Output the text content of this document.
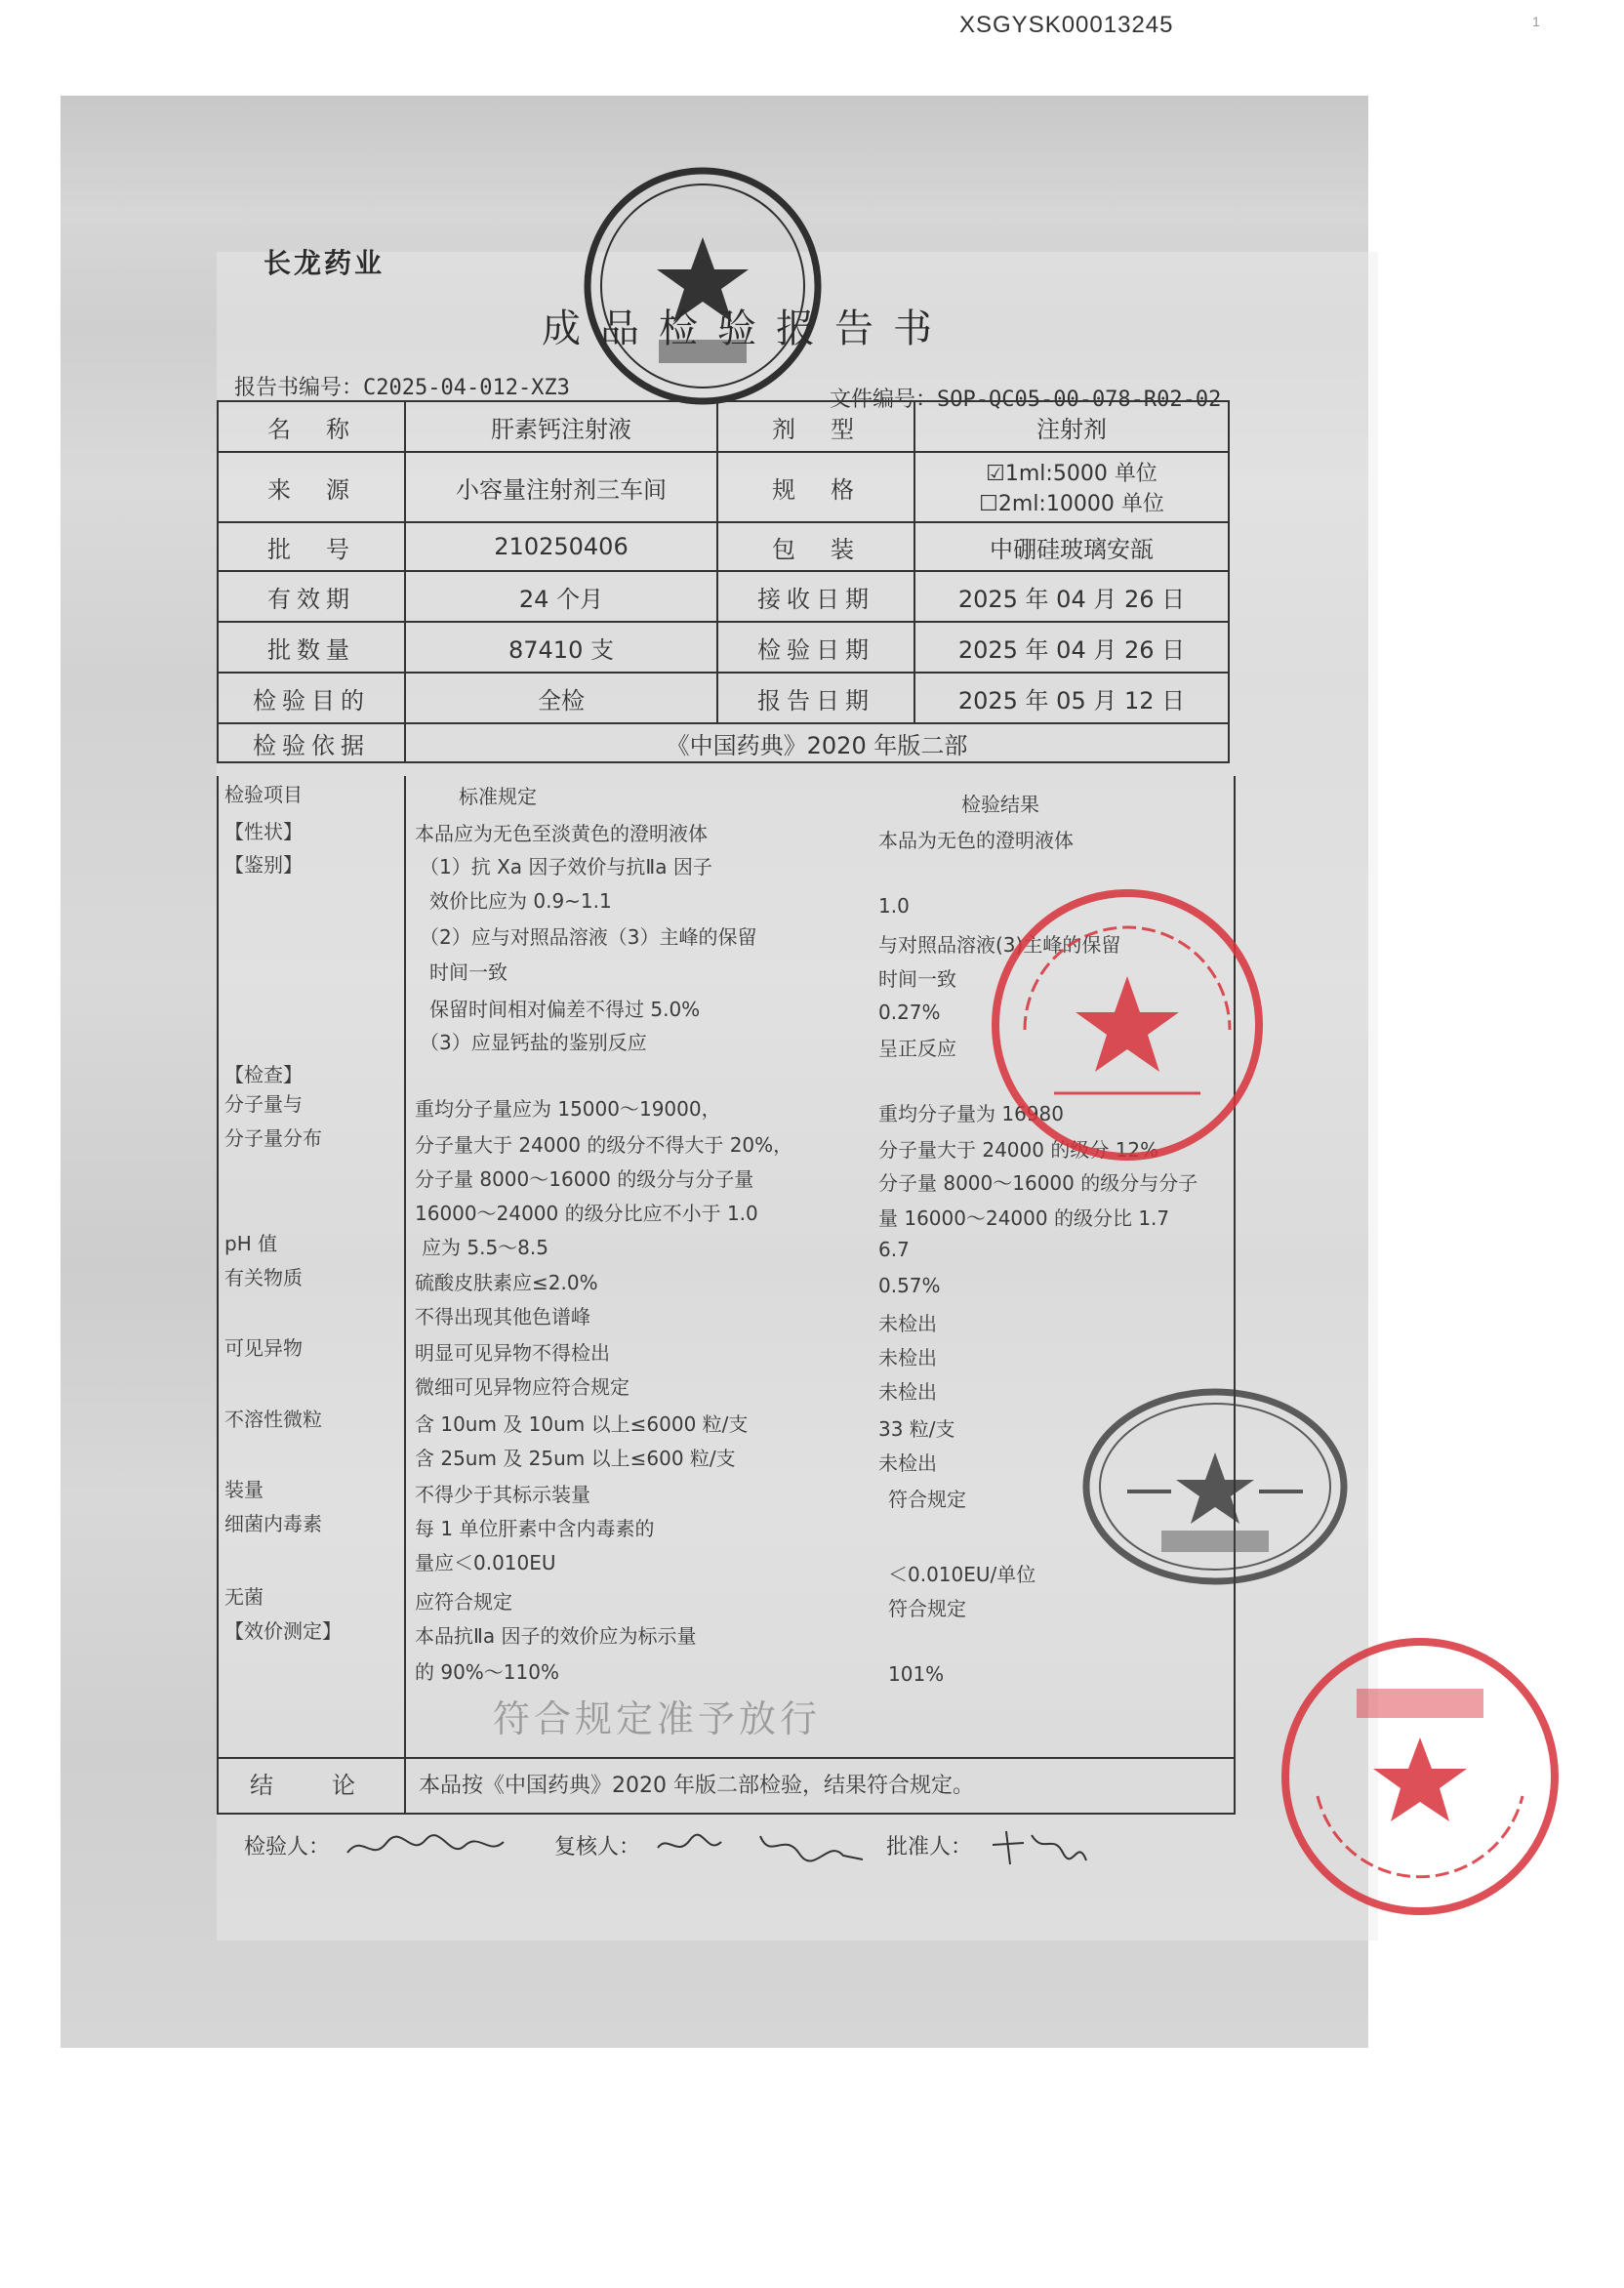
XSGYSK00013245	1
长龙药业
成品检验报告书
报告书编号：C2025-04-012-XZ3	文件编号：SOP-QC05-00-078-R02-02
名　称	肝素钙注射液	剂　型	注射剂
来　源	小容量注射剂三车间	规　格	☑1ml:5000 单位
☐2ml:10000 单位

批　号	210250406	包　装	中硼硅玻璃安瓿
有效期	24 个月	接收日期	2025 年 04 月 26 日
批数量	87410 支	检验日期	2025 年 04 月 26 日
检验目的	全检	报告日期	2025 年 05 月 12 日
检验依据	《中国药典》2020 年版二部		
检验项目	标准规定	检验结果
【性状】	本品应为无色至淡黄色的澄明液体	本品为无色的澄明液体
【鉴别】	（1）抗 Xa 因子效价与抗Ⅱa 因子
效价比应为 0.9~1.1	1.0
（2）应与对照品溶液（3）主峰的保留	与对照品溶液(3)主峰的保留
时间一致	时间一致
保留时间相对偏差不得过 5.0%	0.27%
（3）应显钙盐的鉴别反应	呈正反应
【检查】
分子量与	重均分子量应为 15000～19000，	重均分子量为 16980
分子量分布	分子量大于 24000 的级分不得大于 20%，	分子量大于 24000 的级分 12%
分子量 8000～16000 的级分与分子量	分子量 8000～16000 的级分与分子
16000～24000 的级分比应不小于 1.0	量 16000～24000 的级分比 1.7
pH 值	应为 5.5～8.5	6.7
有关物质	硫酸皮肤素应≤2.0%	0.57%
不得出现其他色谱峰	未检出
可见异物	明显可见异物不得检出	未检出
微细可见异物应符合规定	未检出
不溶性微粒	含 10um 及 10um 以上≤6000 粒/支	33 粒/支
含 25um 及 25um 以上≤600 粒/支	未检出
装量	不得少于其标示装量	符合规定
细菌内毒素	每 1 单位肝素中含内毒素的
量应＜0.010EU	＜0.010EU/单位
无菌	应符合规定	符合规定
【效价测定】	本品抗Ⅱa 因子的效价应为标示量
的 90%～110%	101%
符合规定准予放行
结　论	本品按《中国药典》2020 年版二部检验，结果符合规定。
检验人：	复核人：	批准人：
